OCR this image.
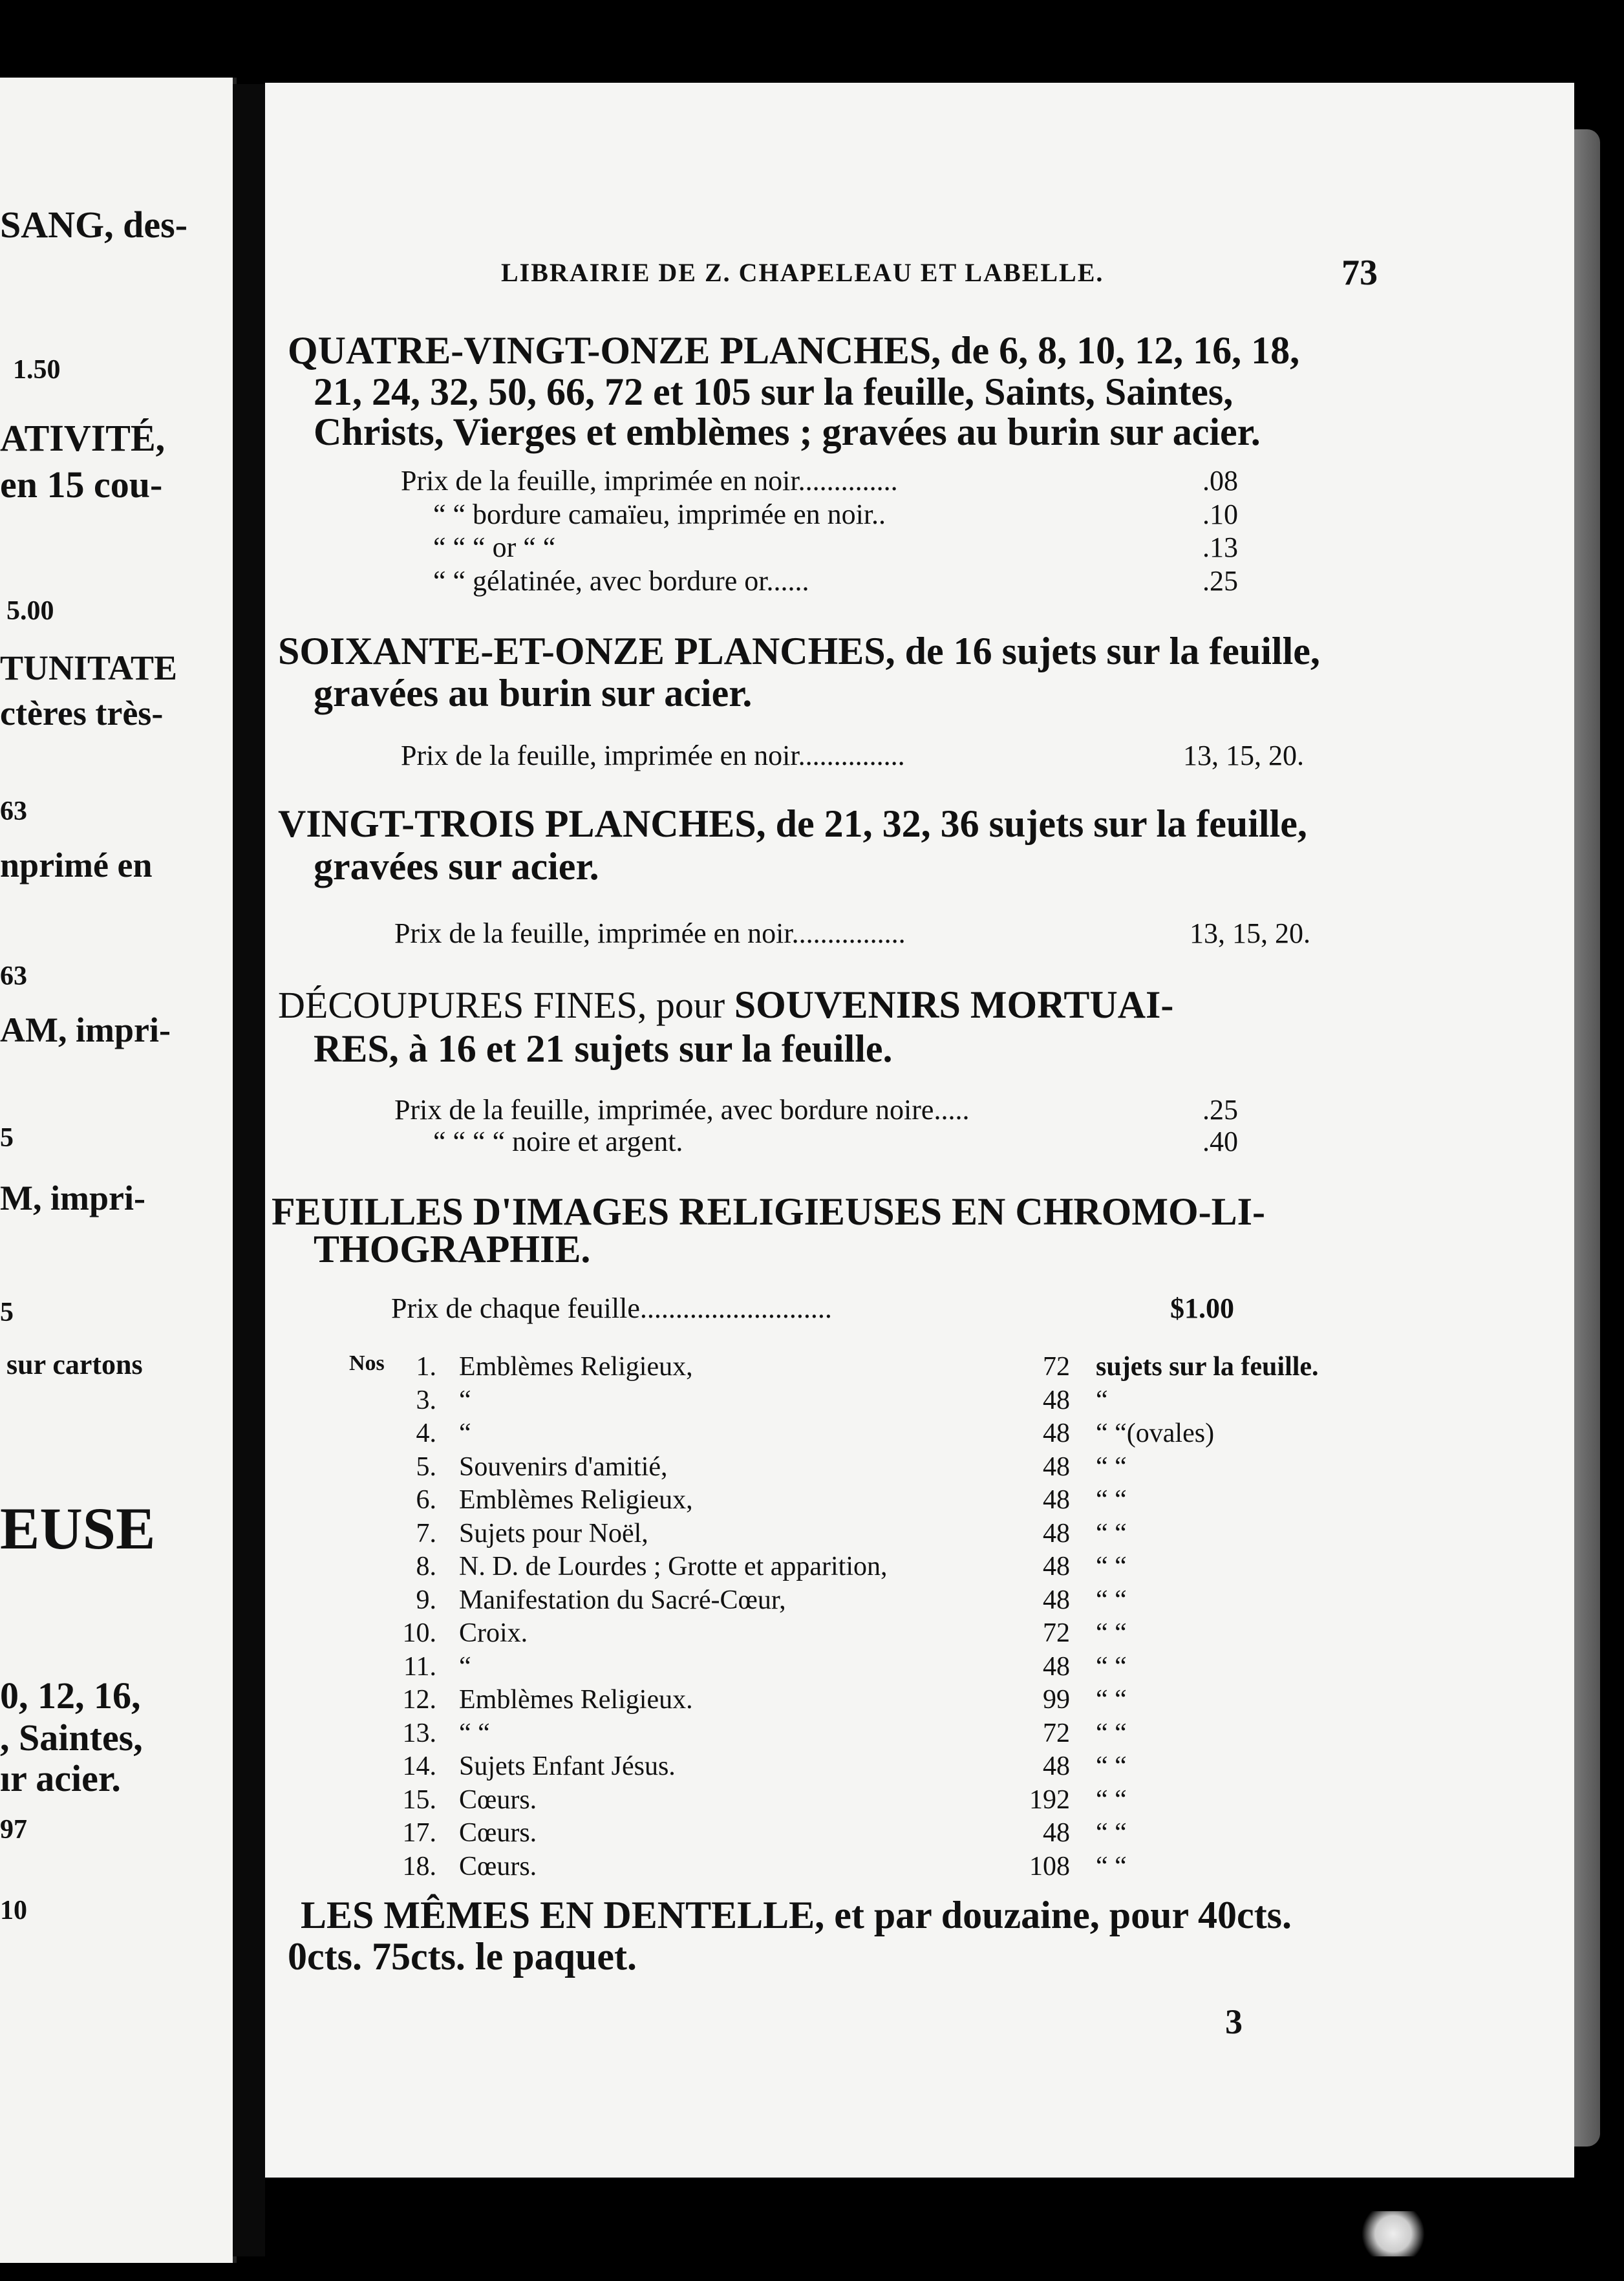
SANG, des-
1.50
ATIVITÉ,
en 15 cou-
5.00
TUNITATE
ctères très-
63
nprimé en
63
AM, impri-
5
M, impri-
5
sur cartons
EUSE
0, 12, 16,
, Saintes,
ır acier.
97
10
LIBRAIRIE DE Z. CHAPELEAU ET LABELLE.	73
QUATRE-VINGT-ONZE PLANCHES, de 6, 8, 10, 12, 16, 18,
21, 24, 32, 50, 66, 72 et 105 sur la feuille, Saints, Saintes,
Christs, Vierges et emblèmes ; gravées au burin sur acier.
Prix de la feuille, imprimée en noir..............	.08
“ “ bordure camaïeu, imprimée en noir..	.10
“ “ “ or “ “	.13
“ “ gélatinée, avec bordure or......	.25
SOIXANTE-ET-ONZE PLANCHES, de 16 sujets sur la feuille,
gravées au burin sur acier.
Prix de la feuille, imprimée en noir...............	13, 15, 20.
VINGT-TROIS PLANCHES, de 21, 32, 36 sujets sur la feuille,
gravées sur acier.
Prix de la feuille, imprimée en noir................	13, 15, 20.
DÉCOUPURES FINES, pour SOUVENIRS MORTUAI-
RES, à 16 et 21 sujets sur la feuille.
Prix de la feuille, imprimée, avec bordure noire.....	.25
“ “ “ “ noire et argent.	.40
FEUILLES D'IMAGES RELIGIEUSES EN CHROMO-LI-
THOGRAPHIE.
Prix de chaque feuille...........................	$1.00
Nos	1. Emblèmes Religieux,	72 sujets sur la feuille.
3. “	48 “
4. “	48 “ “(ovales)
5. Souvenirs d'amitié,	48 “ “
6. Emblèmes Religieux,	48 “ “
7. Sujets pour Noël,	48 “ “
8. N. D. de Lourdes ; Grotte et apparition,	48 “ “
9. Manifestation du Sacré-Cœur,	48 “ “
10. Croix.	72 “ “
11. “	48 “ “
12. Emblèmes Religieux.	99 “ “
13. “ “	72 “ “
14. Sujets Enfant Jésus.	48 “ “
15. Cœurs.	192 “ “
17. Cœurs.	48 “ “
18. Cœurs.	108 “ “
LES MÊMES EN DENTELLE, et par douzaine, pour 40cts.
0cts. 75cts. le paquet.
3
